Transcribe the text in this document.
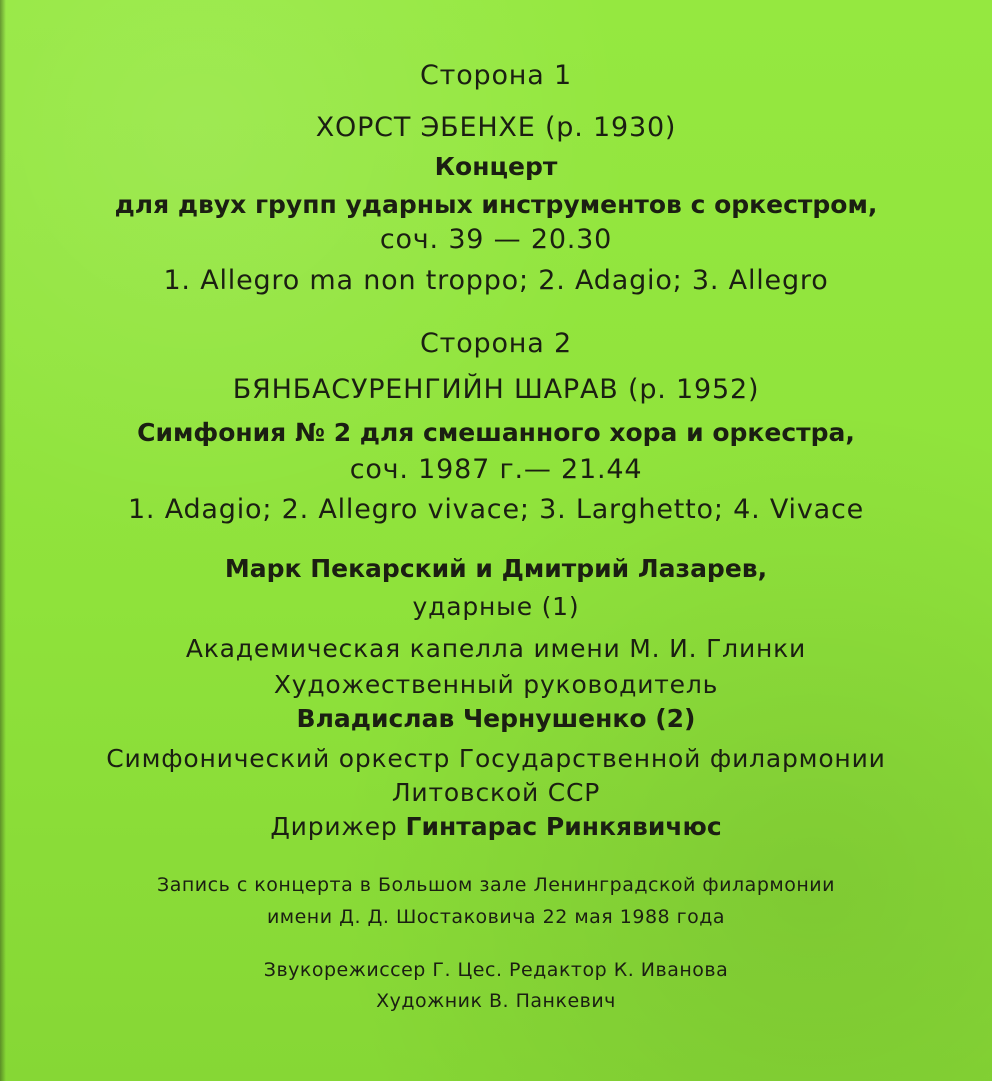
Сторона 1
ХОРСТ ЭБЕНХЕ (р. 1930)
Концерт
для двух групп ударных инструментов с оркестром,
соч. 39 — 20.30
1. Allegro ma non troppo; 2. Adagio; 3. Allegro
Сторона 2
БЯНБАСУРЕНГИЙН ШАРАВ (р. 1952)
Симфония № 2 для смешанного хора и оркестра,
соч. 1987 г.— 21.44
1. Adagio; 2. Allegro vivace; 3. Larghetto; 4. Vivace
Марк Пекарский и Дмитрий Лазарев,
ударные (1)
Академическая капелла имени М. И. Глинки
Художественный руководитель
Владислав Чернушенко (2)
Симфонический оркестр Государственной филармонии
Литовской ССР
Дирижер Гинтарас Ринкявичюс
Запись с концерта в Большом зале Ленинградской филармонии
имени Д. Д. Шостаковича 22 мая 1988 года
Звукорежиссер Г. Цес. Редактор К. Иванова
Художник В. Панкевич
